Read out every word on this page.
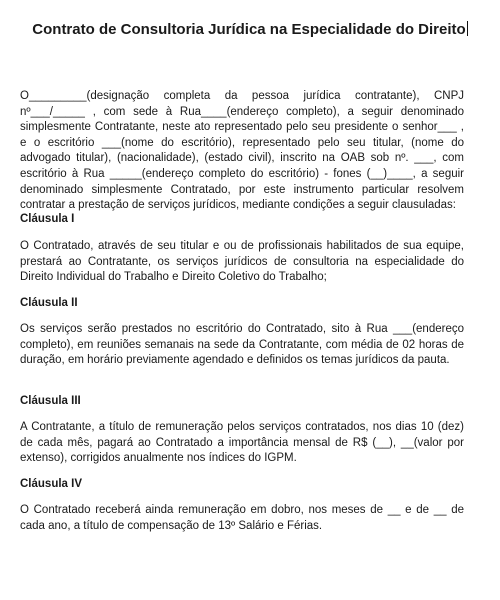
Contrato de Consultoria Jurídica na Especialidade do Direito

O_________(designação completa da pessoa jurídica contratante), CNPJ nº___/_____ , com sede à Rua____(endereço completo), a seguir denominado simplesmente Contratante, neste ato representado pelo seu presidente o senhor___ , e o escritório ___(nome do escritório), representado pelo seu titular, (nome do advogado titular), (nacionalidade), (estado civil), inscrito na OAB sob nº. ___, com escritório à Rua _____(endereço completo do escritório) - fones (__)____, a seguir denominado simplesmente Contratado, por este instrumento particular resolvem contratar a prestação de serviços jurídicos, mediante condições a seguir clausuladas:

Cláusula I

O Contratado, através de seu titular e ou de profissionais habilitados de sua equipe, prestará ao Contratante, os serviços jurídicos de consultoria na especialidade do Direito Individual do Trabalho e Direito Coletivo do Trabalho;

Cláusula II

Os serviços serão prestados no escritório do Contratado, sito à Rua ___(endereço completo), em reuniões semanais na sede da Contratante, com média de 02 horas de duração, em horário previamente agendado e definidos os temas jurídicos da pauta.

Cláusula III

A Contratante, a título de remuneração pelos serviços contratados, nos dias 10 (dez) de cada mês, pagará ao Contratado a importância mensal de R$ (__), __(valor por extenso), corrigidos anualmente nos índices do IGPM.

Cláusula IV

O Contratado receberá ainda remuneração em dobro, nos meses de __ e de __ de cada ano, a título de compensação de 13º Salário e Férias.
